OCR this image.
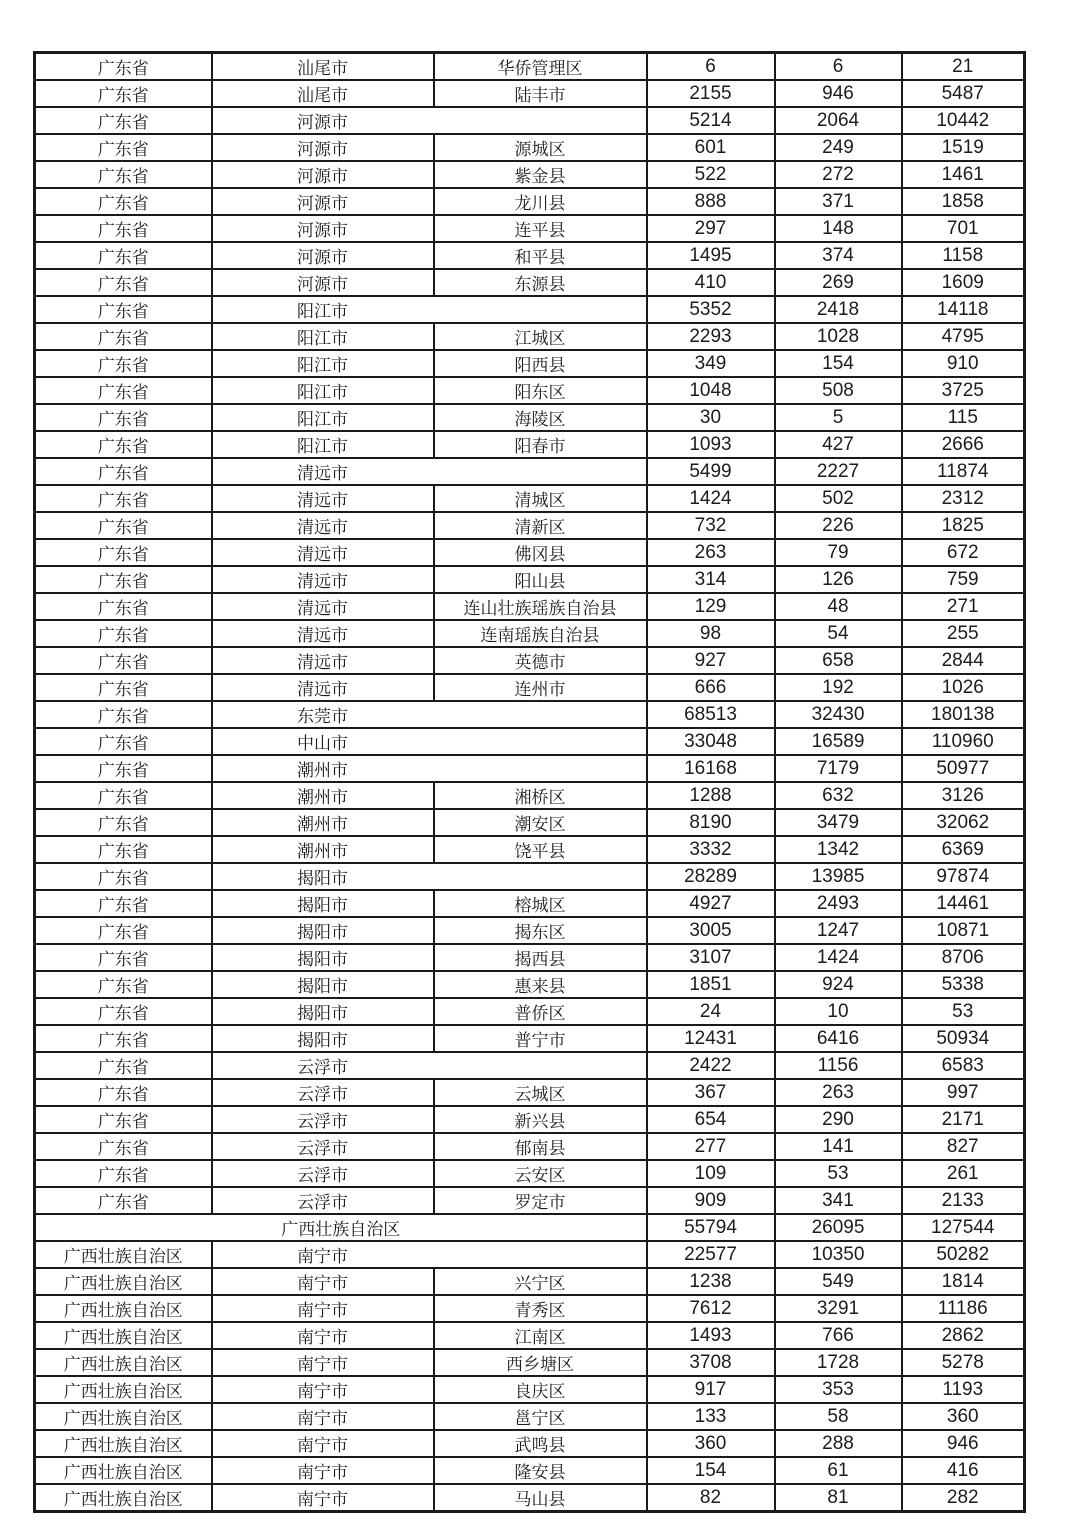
广东省	汕尾市	华侨管理区	6	6	21
广东省	汕尾市	陆丰市	2155	946	5487
广东省	河源市		5214	2064	10442
广东省	河源市	源城区	601	249	1519
广东省	河源市	紫金县	522	272	1461
广东省	河源市	龙川县	888	371	1858
广东省	河源市	连平县	297	148	701
广东省	河源市	和平县	1495	374	1158
广东省	河源市	东源县	410	269	1609
广东省	阳江市		5352	2418	14118
广东省	阳江市	江城区	2293	1028	4795
广东省	阳江市	阳西县	349	154	910
广东省	阳江市	阳东区	1048	508	3725
广东省	阳江市	海陵区	30	5	115
广东省	阳江市	阳春市	1093	427	2666
广东省	清远市		5499	2227	11874
广东省	清远市	清城区	1424	502	2312
广东省	清远市	清新区	732	226	1825
广东省	清远市	佛冈县	263	79	672
广东省	清远市	阳山县	314	126	759
广东省	清远市	连山壮族瑶族自治县	129	48	271
广东省	清远市	连南瑶族自治县	98	54	255
广东省	清远市	英德市	927	658	2844
广东省	清远市	连州市	666	192	1026
广东省	东莞市		68513	32430	180138
广东省	中山市		33048	16589	110960
广东省	潮州市		16168	7179	50977
广东省	潮州市	湘桥区	1288	632	3126
广东省	潮州市	潮安区	8190	3479	32062
广东省	潮州市	饶平县	3332	1342	6369
广东省	揭阳市		28289	13985	97874
广东省	揭阳市	榕城区	4927	2493	14461
广东省	揭阳市	揭东区	3005	1247	10871
广东省	揭阳市	揭西县	3107	1424	8706
广东省	揭阳市	惠来县	1851	924	5338
广东省	揭阳市	普侨区	24	10	53
广东省	揭阳市	普宁市	12431	6416	50934
广东省	云浮市		2422	1156	6583
广东省	云浮市	云城区	367	263	997
广东省	云浮市	新兴县	654	290	2171
广东省	云浮市	郁南县	277	141	827
广东省	云浮市	云安区	109	53	261
广东省	云浮市	罗定市	909	341	2133
广西壮族自治区			55794	26095	127544
广西壮族自治区	南宁市		22577	10350	50282
广西壮族自治区	南宁市	兴宁区	1238	549	1814
广西壮族自治区	南宁市	青秀区	7612	3291	11186
广西壮族自治区	南宁市	江南区	1493	766	2862
广西壮族自治区	南宁市	西乡塘区	3708	1728	5278
广西壮族自治区	南宁市	良庆区	917	353	1193
广西壮族自治区	南宁市	邕宁区	133	58	360
广西壮族自治区	南宁市	武鸣县	360	288	946
广西壮族自治区	南宁市	隆安县	154	61	416
广西壮族自治区	南宁市	马山县	82	81	282
